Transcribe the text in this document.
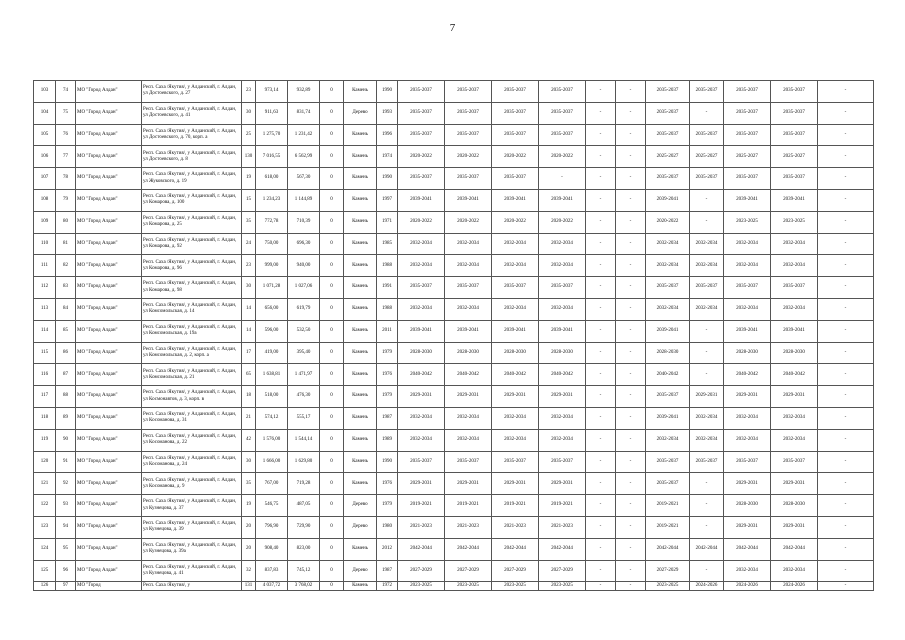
7
103	74	МО "Город Алдан"	Респ. Саха /Якутия/, у Алданский, г. Алдан, ул Достоевского, д. 27	23	973,14	932,89	0	Камень	1990	2035-2037	2035-2037	2035-2037	2035-2037	-	-	2035-2037	2035-2037	2035-2037	2035-2037	-
104	75	МО "Город Алдан"	Респ. Саха /Якутия/, у Алданский, г. Алдан, ул Достоевского, д. 41	30	911,63	831,74	0	Дерево	1993	2035-2037	2035-2037	2035-2037	2035-2037	-	-	2035-2037	-	2035-2037	2035-2037	-
105	76	МО "Город Алдан"	Респ. Саха /Якутия/, у Алданский, г. Алдан, ул Достоевского, д. 70, корп. а	25	1 275,70	1 231,42	0	Камень	1996	2035-2037	2035-2037	2035-2037	2035-2037	-	-	2035-2037	2035-2037	2035-2037	2035-2037	-
106	77	МО "Город Алдан"	Респ. Саха /Якутия/, у Алданский, г. Алдан, ул Достоевского, д. 8	130	7 016,55	6 562,99	0	Камень	1974	2020-2022	2020-2022	2020-2022	2020-2022	-	-	2025-2027	2025-2027	2025-2027	2025-2027	-
107	78	МО "Город Алдан"	Респ. Саха /Якутия/, у Алданский, г. Алдан, ул Жуковского, д. 19	19	618,00	567,30	0	Камень	1990	2035-2037	2035-2037	2035-2037	-	-	-	2035-2037	2035-2037	2035-2037	2035-2037	-
108	79	МО "Город Алдан"	Респ. Саха /Якутия/, у Алданский, г. Алдан, ул Комарова, д. 100	15	1 234,23	1 144,89	0	Камень	1997	2039-2041	2039-2041	2039-2041	2039-2041	-	-	2039-2041	-	2039-2041	2039-2041	-
109	80	МО "Город Алдан"	Респ. Саха /Якутия/, у Алданский, г. Алдан, ул Комарова, д. 25	35	772,78	710,39	0	Камень	1971	2020-2022	2020-2022	2020-2022	2020-2022	-	-	2020-2022	-	2023-2025	2023-2025	-
110	81	МО "Город Алдан"	Респ. Саха /Якутия/, у Алданский, г. Алдан, ул Комарова, д. 92	24	750,00	696,30	0	Камень	1985	2032-2034	2032-2034	2032-2034	2032-2034	-	-	2032-2034	2032-2034	2032-2034	2032-2034	-
111	82	МО "Город Алдан"	Респ. Саха /Якутия/, у Алданский, г. Алдан, ул Комарова, д. 96	23	999,00	940,00	0	Камень	1988	2032-2034	2032-2034	2032-2034	2032-2034	-	-	2032-2034	2032-2034	2032-2034	2032-2034	-
112	83	МО "Город Алдан"	Респ. Саха /Якутия/, у Алданский, г. Алдан, ул Комарова, д. 98	30	1 071,28	1 027,06	0	Камень	1991	2035-2037	2035-2037	2035-2037	2035-2037	-	-	2035-2037	2035-2037	2035-2037	2035-2037	-
113	84	МО "Город Алдан"	Респ. Саха /Якутия/, у Алданский, г. Алдан, ул Комсомольская, д. 14	14	656,00	619,79	0	Камень	1988	2032-2034	2032-2034	2032-2034	2032-2034	-	-	2032-2034	2032-2034	2032-2034	2032-2034	-
114	85	МО "Город Алдан"	Респ. Саха /Якутия/, у Алданский, г. Алдан, ул Комсомольская, д. 19а	14	596,00	532,50	0	Камень	2011	2039-2041	2039-2041	2039-2041	2039-2041	-	-	2039-2041	-	2039-2041	2039-2041	-
115	86	МО "Город Алдан"	Респ. Саха /Якутия/, у Алданский, г. Алдан, ул Комсомольская, д. 2, корп. а	17	419,00	395,40	0	Камень	1979	2028-2030	2028-2030	2028-2030	2028-2030	-	-	2028-2030	-	2028-2030	2028-2030	-
116	87	МО "Город Алдан"	Респ. Саха /Якутия/, у Алданский, г. Алдан, ул Комсомольская, д. 21	65	1 638,81	1 471,97	0	Камень	1976	2040-2042	2040-2042	2040-2042	2040-2042	-	-	2040-2042	-	2040-2042	2040-2042	-
117	88	МО "Город Алдан"	Респ. Саха /Якутия/, у Алданский, г. Алдан, ул Космонавтов, д. 3, корп. в	18	518,00	476,30	0	Камень	1979	2029-2031	2029-2031	2029-2031	2029-2031	-	-	2035-2037	2029-2031	2029-2031	2029-2031	-
118	89	МО "Город Алдан"	Респ. Саха /Якутия/, у Алданский, г. Алдан, ул Косоманова, д. 31	21	574,12	555,17	0	Камень	1987	2032-2034	2032-2034	2032-2034	2032-2034	-	-	2039-2041	2032-2034	2032-2034	2032-2034	-
119	90	МО "Город Алдан"	Респ. Саха /Якутия/, у Алданский, г. Алдан, ул Косоманова, д. 22	42	1 576,00	1 544,14	0	Камень	1989	2032-2034	2032-2034	2032-2034	2032-2034	-	-	2032-2034	2032-2034	2032-2034	2032-2034	-
120	91	МО "Город Алдан"	Респ. Саха /Якутия/, у Алданский, г. Алдан, ул Косоманова, д. 24	30	1 666,00	1 629,80	0	Камень	1990	2035-2037	2035-2037	2035-2037	2035-2037	-	-	2035-2037	2035-2037	2035-2037	2035-2037	-
121	92	МО "Город Алдан"	Респ. Саха /Якутия/, у Алданский, г. Алдан, ул Косоманова, д. 9	35	767,00	719,28	0	Камень	1976	2029-2031	2029-2031	2029-2031	2029-2031	-	-	2035-2037	-	2029-2031	2029-2031	-
122	93	МО "Город Алдан"	Респ. Саха /Якутия/, у Алданский, г. Алдан, ул Кузнецова, д. 37	19	546,75	487,05	0	Дерево	1979	2019-2021	2019-2021	2019-2021	2019-2021	-	-	2019-2021	-	2028-2030	2028-2030	-
123	94	МО "Город Алдан"	Респ. Саха /Якутия/, у Алданский, г. Алдан, ул Кузнецова, д. 39	20	796,90	729,90	0	Дерево	1980	2021-2023	2021-2023	2021-2023	2021-2023	-	-	2019-2021	-	2029-2031	2029-2031	-
124	95	МО "Город Алдан"	Респ. Саха /Якутия/, у Алданский, г. Алдан, ул Кузнецова, д. 39а	20	908,40	823,00	0	Камень	2012	2042-2044	2042-2044	2042-2044	2042-2044	-	-	2042-2044	2042-2044	2042-2044	2042-2044	-
125	96	МО "Город Алдан"	Респ. Саха /Якутия/, у Алданский, г. Алдан, ул Кузнецова, д. 41	32	837,83	745,12	0	Дерево	1987	2027-2029	2027-2029	2027-2029	2027-2029	-	-	2027-2029	-	2032-2034	2032-2034	-
126	97	МО "Город	Респ. Саха /Якутия/, у	131	4 037,72	3 768,02	0	Камень	1972	2023-2025	2023-2025	2023-2025	2023-2025	-	-	2023-2025	2024-2026	2024-2026	2024-2026	-
